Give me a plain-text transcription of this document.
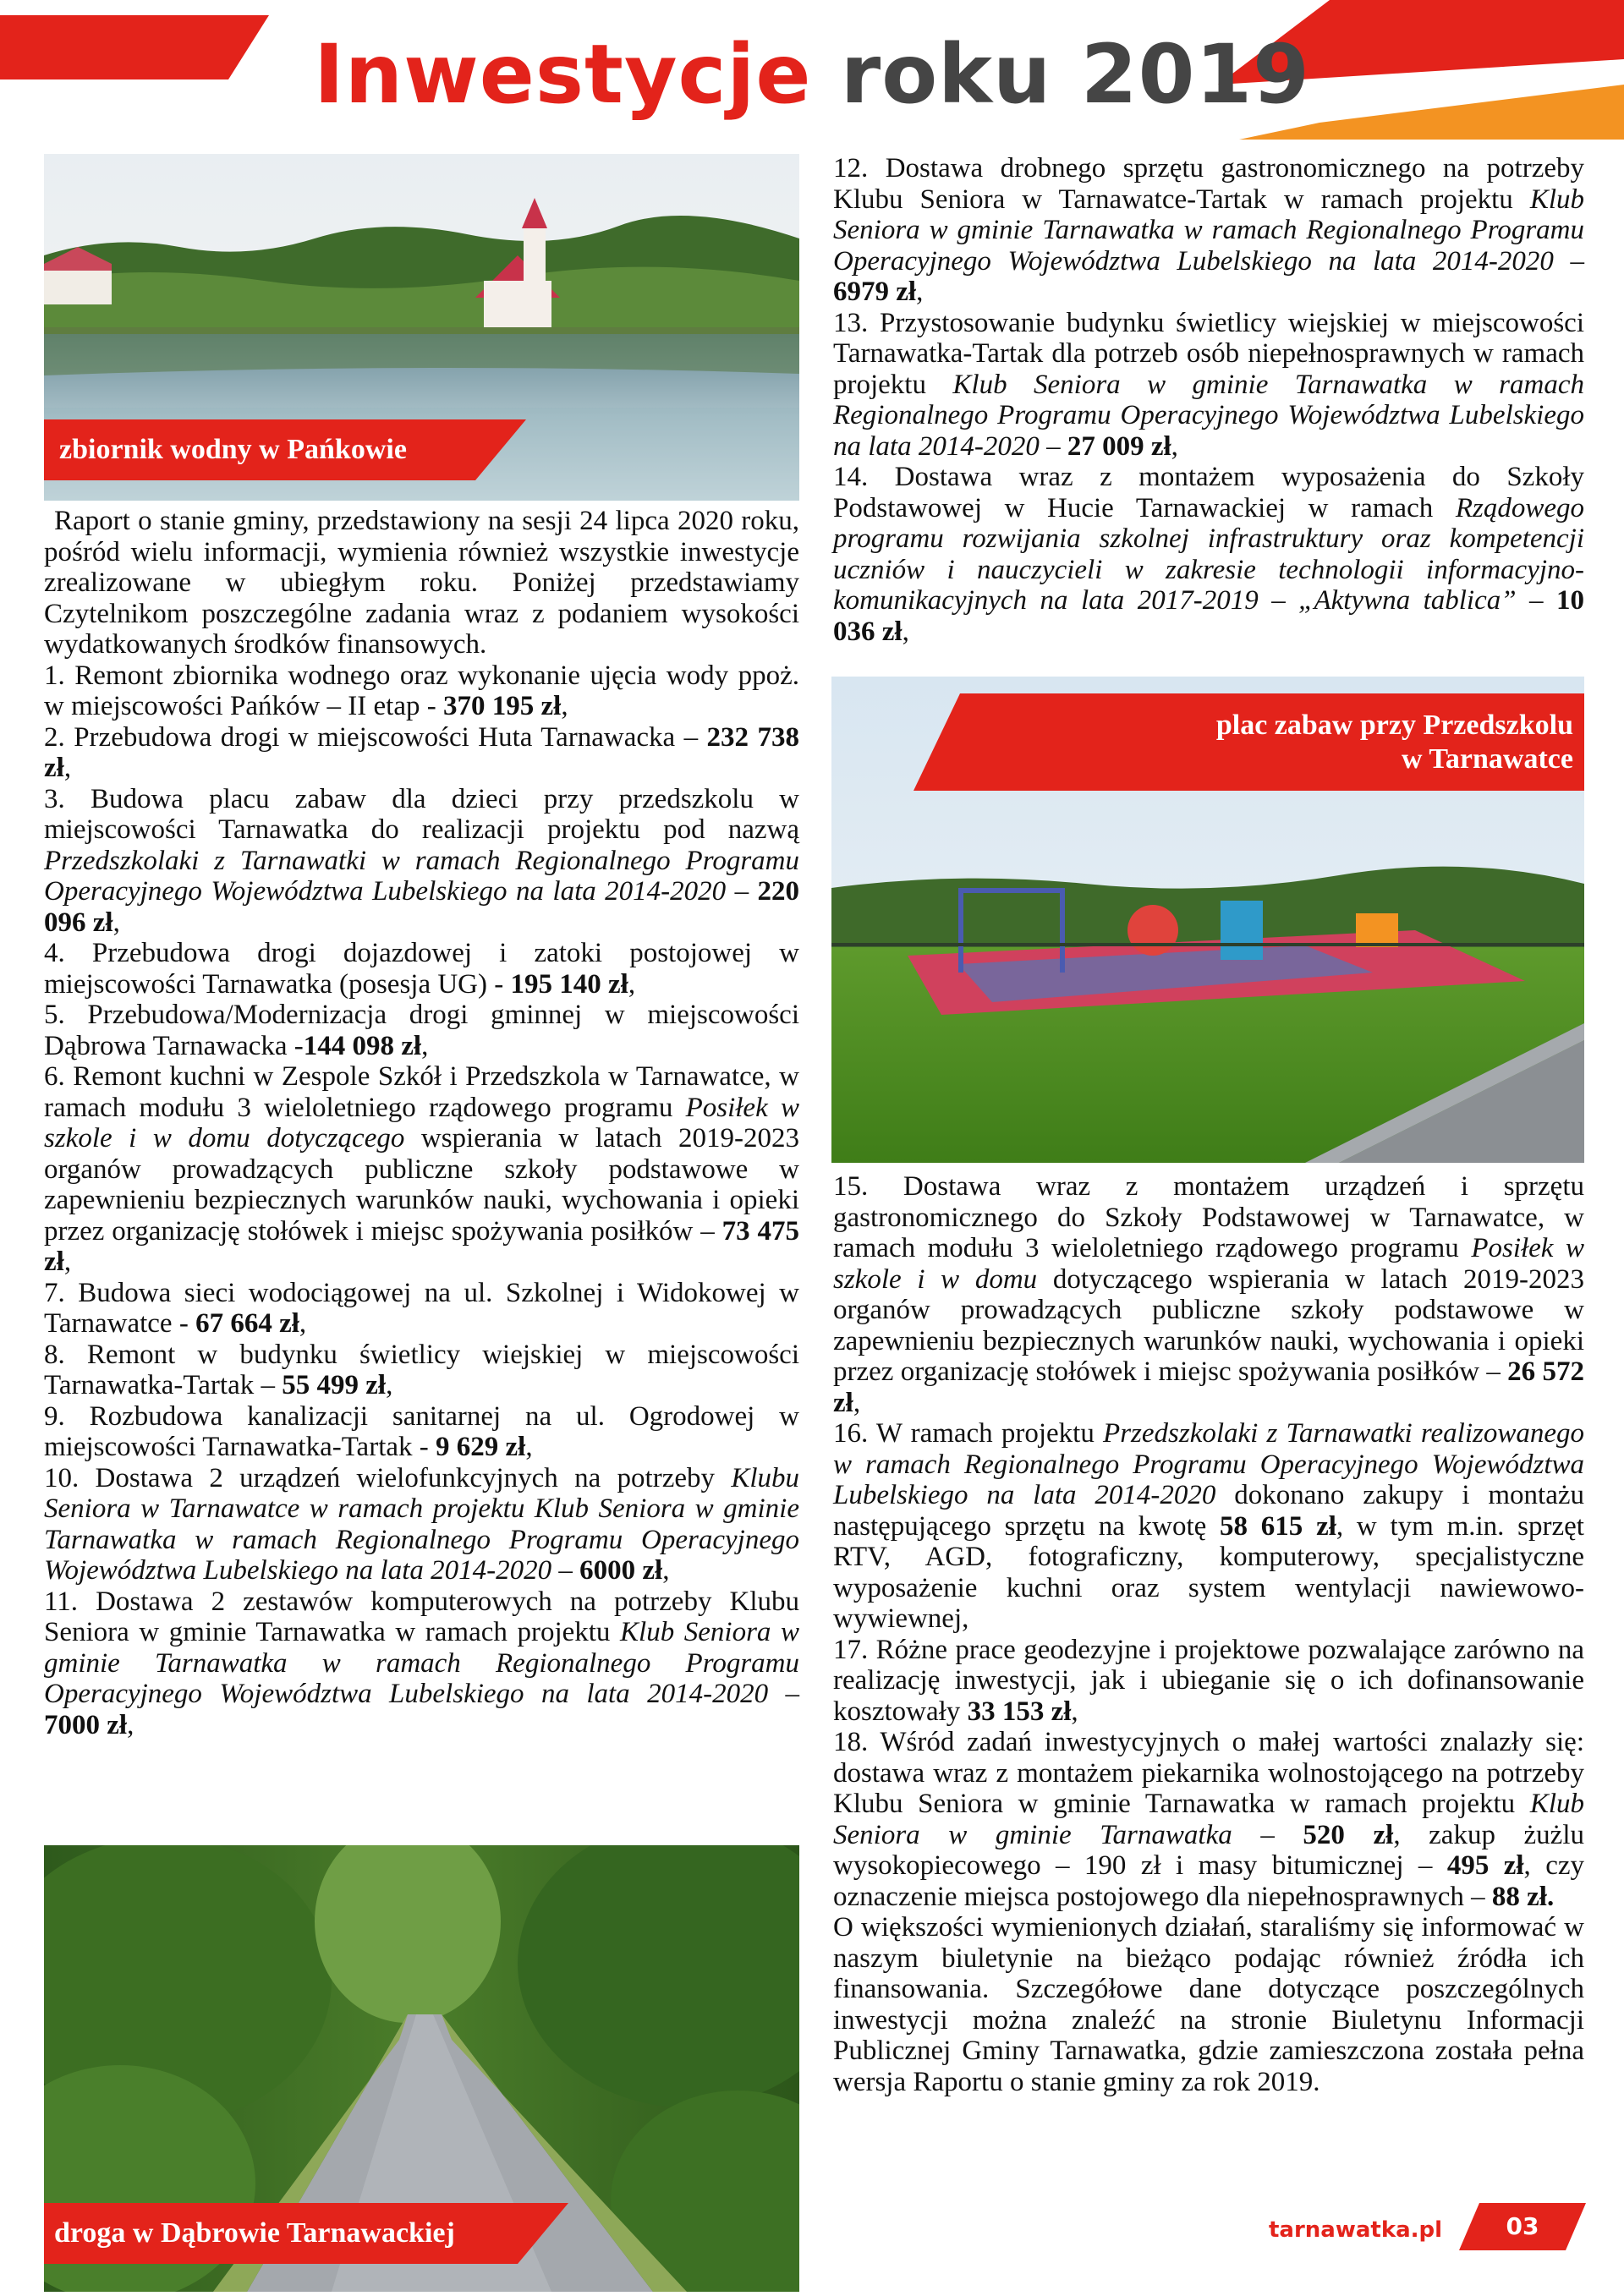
Inwestycje roku 2019
zbiornik wodny w Pańkowie

Raport o stanie gminy, przedstawiony na sesji 24 lipca 2020 roku, pośród wielu informacji, wymienia również wszystkie inwestycje zrealizowane w ubiegłym roku. Poniżej przedstawiamy Czytelnikom poszczególne zadania wraz z podaniem wysokości wydatkowanych środków finansowych.

1. Remont zbiornika wodnego oraz wykonanie ujęcia wody ppoż. w miejscowości Pańków – II etap - 370 195 zł,

2. Przebudowa drogi w miejscowości Huta Tarnawacka – 232 738 zł,

3. Budowa placu zabaw dla dzieci przy przedszkolu w miejscowości Tarnawatka do realizacji projektu pod nazwą Przedszkolaki z Tarnawatki w ramach Regionalnego Programu Operacyjnego Województwa Lubelskiego na lata 2014-2020 – 220 096 zł,

4. Przebudowa drogi dojazdowej i zatoki postojowej w miejscowości Tarnawatka (posesja UG) - 195 140 zł,

5. Przebudowa/Modernizacja drogi gminnej w miejscowości Dąbrowa Tarnawacka -144 098 zł,

6. Remont kuchni w Zespole Szkół i Przedszkola w Tarnawatce, w ramach modułu 3 wieloletniego rządowego programu Posiłek w szkole i w domu dotyczącego wspierania w latach 2019-2023 organów prowadzących publiczne szkoły podstawowe w zapewnieniu bezpiecznych warunków nauki, wychowania i opieki przez organizację stołówek i miejsc spożywania posiłków – 73 475 zł,

7. Budowa sieci wodociągowej na ul. Szkolnej i Widokowej w Tarnawatce - 67 664 zł,

8. Remont w budynku świetlicy wiejskiej w miejscowości Tarnawatka-Tartak – 55 499 zł,

9. Rozbudowa kanalizacji sanitarnej na ul. Ogrodowej w miejscowości Tarnawatka-Tartak - 9 629 zł,

10. Dostawa 2 urządzeń wielofunkcyjnych na potrzeby Klubu Seniora w Tarnawatce w ramach projektu Klub Seniora w gminie Tarnawatka w ramach Regionalnego Programu Operacyjnego Województwa Lubelskiego na lata 2014-2020 – 6000 zł,

11. Dostawa 2 zestawów komputerowych na potrzeby Klubu Seniora w gminie Tarnawatka w ramach projektu Klub Seniora w gminie Tarnawatka w ramach Regionalnego Programu Operacyjnego Województwa Lubelskiego na lata 2014-2020 – 7000 zł,

droga w Dąbrowie Tarnawackiej

12. Dostawa drobnego sprzętu gastronomicznego na potrzeby Klubu Seniora w Tarnawatce-Tartak w ramach projektu Klub Seniora w gminie Tarnawatka w ramach Regionalnego Programu Operacyjnego Województwa Lubelskiego na lata 2014-2020 – 6979 zł,

13. Przystosowanie budynku świetlicy wiejskiej w miejscowości Tarnawatka-Tartak dla potrzeb osób niepełnosprawnych w ramach projektu Klub Seniora w gminie Tarnawatka w ramach Regionalnego Programu Operacyjnego Województwa Lubelskiego na lata 2014-2020 – 27 009 zł,

14. Dostawa wraz z montażem wyposażenia do Szkoły Podstawowej w Hucie Tarnawackiej w ramach Rządowego programu rozwijania szkolnej infrastruktury oraz kompetencji uczniów i nauczycieli w zakresie technologii informacyjno-komunikacyjnych na lata 2017-2019 – „Aktywna tablica” – 10 036 zł,

plac zabaw przy Przedszkolu
w Tarnawatce

15. Dostawa wraz z montażem urządzeń i sprzętu gastronomicznego do Szkoły Podstawowej w Tarnawatce, w ramach modułu 3 wieloletniego rządowego programu Posiłek w szkole i w domu dotyczącego wspierania w latach 2019-2023 organów prowadzących publiczne szkoły podstawowe w zapewnieniu bezpiecznych warunków nauki, wychowania i opieki przez organizację stołówek i miejsc spożywania posiłków – 26 572 zł,

16. W ramach projektu Przedszkolaki z Tarnawatki realizowanego w ramach Regionalnego Programu Operacyjnego Województwa Lubelskiego na lata 2014-2020 dokonano zakupy i montażu następującego sprzętu na kwotę 58 615 zł, w tym m.in. sprzęt RTV, AGD, fotograficzny, komputerowy, specjalistyczne wyposażenie kuchni oraz system wentylacji nawiewowo-wywiewnej,

17. Różne prace geodezyjne i projektowe pozwalające zarówno na realizację inwestycji, jak i ubieganie się o ich dofinansowanie kosztowały 33 153 zł,

18. Wśród zadań inwestycyjnych o małej wartości znalazły się: dostawa wraz z montażem piekarnika wolnostojącego na potrzeby Klubu Seniora w gminie Tarnawatka w ramach projektu Klub Seniora w gminie Tarnawatka – 520 zł, zakup żużlu wysokopiecowego – 190 zł i masy bitumicznej – 495 zł, czy oznaczenie miejsca postojowego dla niepełnosprawnych – 88 zł.

O większości wymienionych działań, staraliśmy się informować w naszym biuletynie na bieżąco podając również źródła ich finansowania. Szczegółowe dane dotyczące poszczególnych inwestycji można znaleźć na stronie Biuletynu Informacji Publicznej Gminy Tarnawatka, gdzie zamieszczona została pełna wersja Raportu o stanie gminy za rok 2019.

tarnawatka.pl	03
